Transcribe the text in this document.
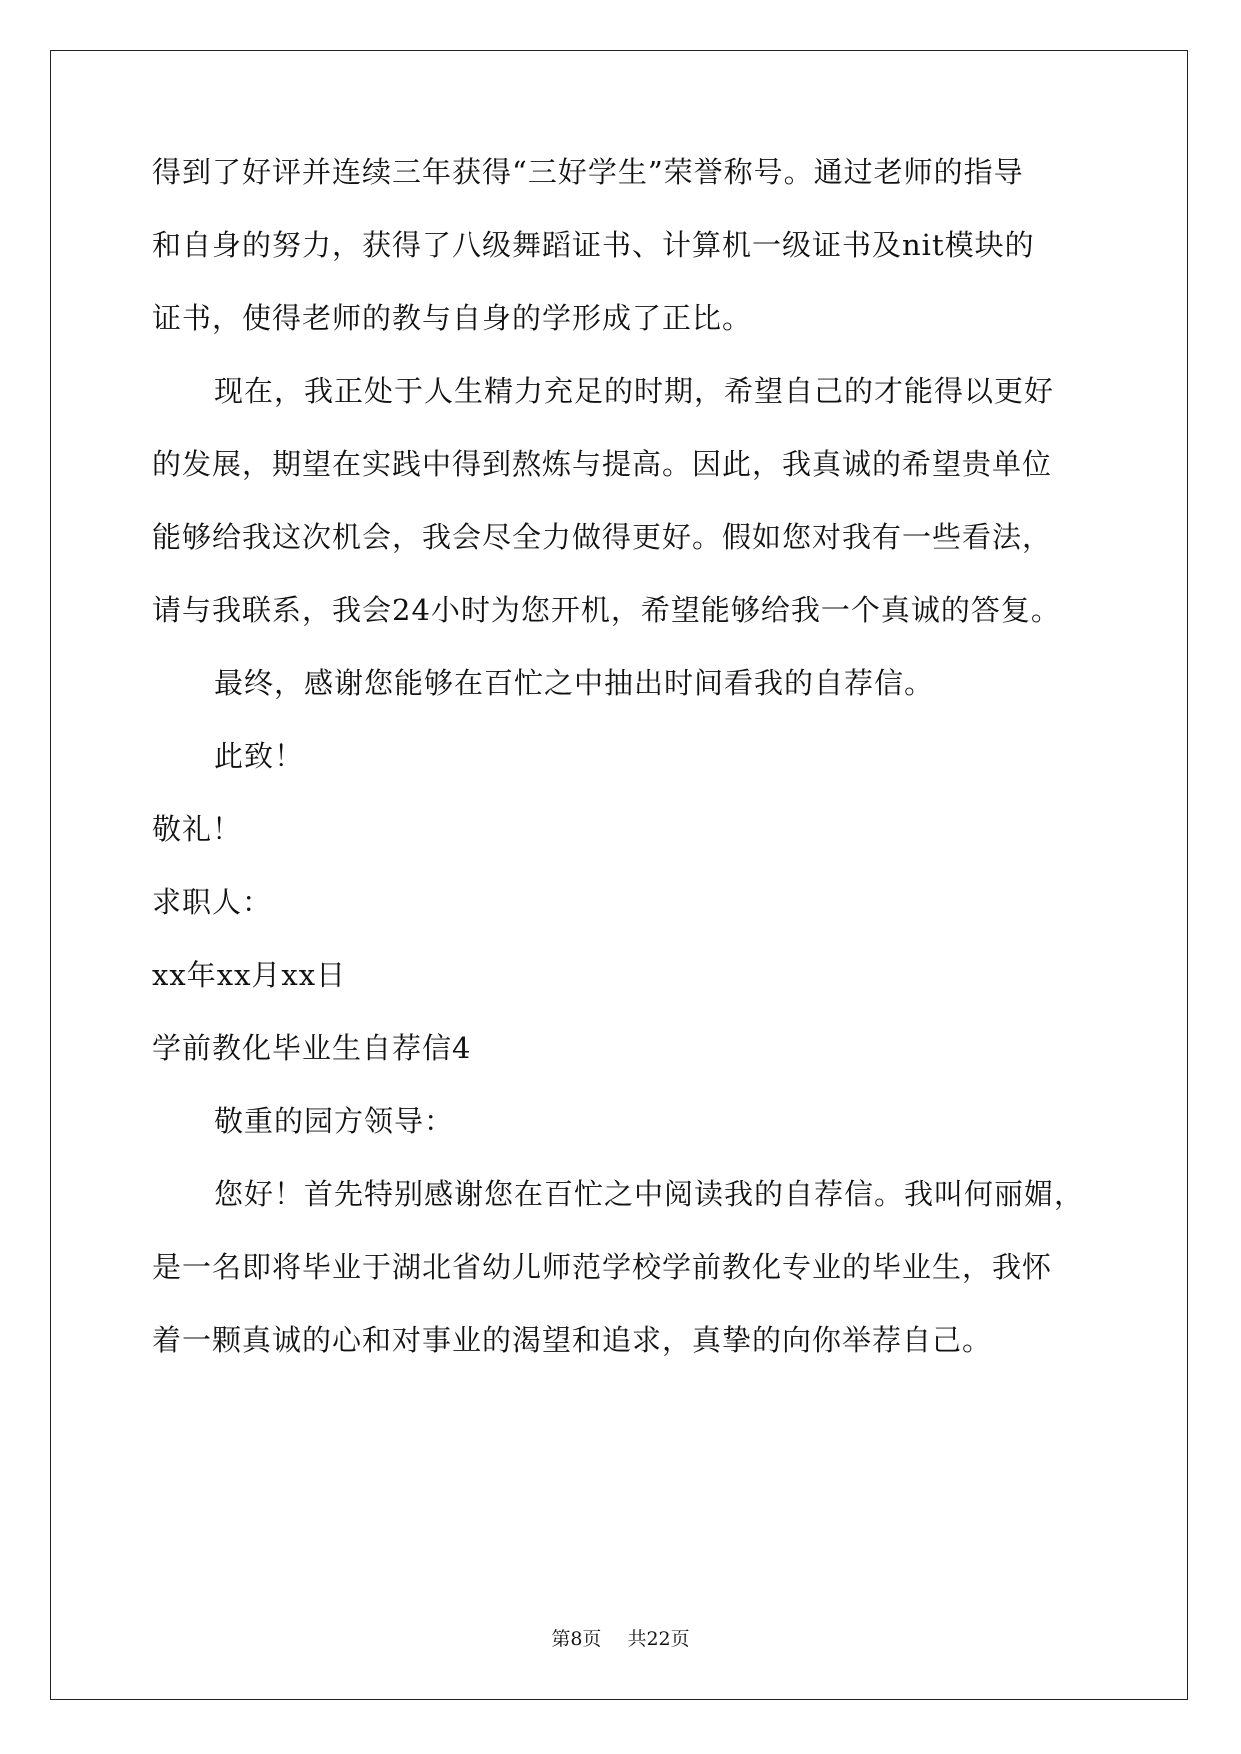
得到了好评并连续三年获得“三好学生”荣誉称号。通过老师的指导
和自身的努力，获得了八级舞蹈证书、计算机一级证书及nit模块的
证书，使得老师的教与自身的学形成了正比。
现在，我正处于人生精力充足的时期，希望自己的才能得以更好
的发展，期望在实践中得到熬炼与提高。因此，我真诚的希望贵单位
能够给我这次机会，我会尽全力做得更好。假如您对我有一些看法，
请与我联系，我会24小时为您开机，希望能够给我一个真诚的答复。
最终，感谢您能够在百忙之中抽出时间看我的自荐信。
此致！
敬礼！
求职人：
xx年xx月xx日
学前教化毕业生自荐信4
敬重的园方领导：
您好！首先特别感谢您在百忙之中阅读我的自荐信。我叫何丽媚，
是一名即将毕业于湖北省幼儿师范学校学前教化专业的毕业生，我怀
着一颗真诚的心和对事业的渴望和追求，真挚的向你举荐自己。
第8页 共22页
